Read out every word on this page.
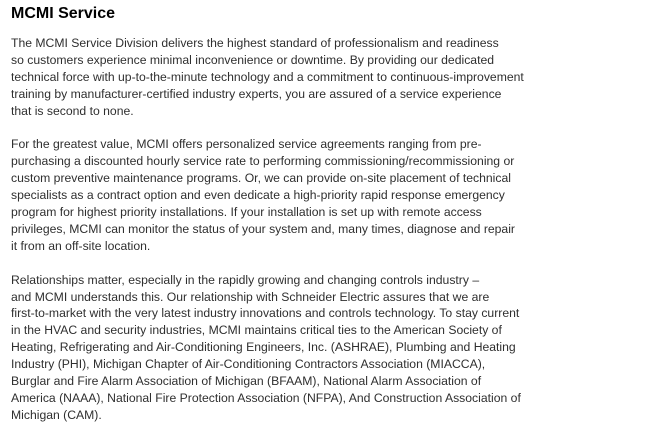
MCMI Service

The MCMI Service Division delivers the highest standard of professionalism and readiness
so customers experience minimal inconvenience or downtime. By providing our dedicated
technical force with up-to-the-minute technology and a commitment to continuous-improvement
training by manufacturer-certified industry experts, you are assured of a service experience
that is second to none.

For the greatest value, MCMI offers personalized service agreements ranging from pre-
purchasing a discounted hourly service rate to performing commissioning/recommissioning or
custom preventive maintenance programs. Or, we can provide on-site placement of technical
specialists as a contract option and even dedicate a high-priority rapid response emergency
program for highest priority installations. If your installation is set up with remote access
privileges, MCMI can monitor the status of your system and, many times, diagnose and repair
it from an off-site location.

Relationships matter, especially in the rapidly growing and changing controls industry –
and MCMI understands this. Our relationship with Schneider Electric assures that we are
first-to-market with the very latest industry innovations and controls technology. To stay current
in the HVAC and security industries, MCMI maintains critical ties to the American Society of
Heating, Refrigerating and Air-Conditioning Engineers, Inc. (ASHRAE), Plumbing and Heating
Industry (PHI), Michigan Chapter of Air-Conditioning Contractors Association (MIACCA),
Burglar and Fire Alarm Association of Michigan (BFAAM), National Alarm Association of
America (NAAA), National Fire Protection Association (NFPA), And Construction Association of
Michigan (CAM).
